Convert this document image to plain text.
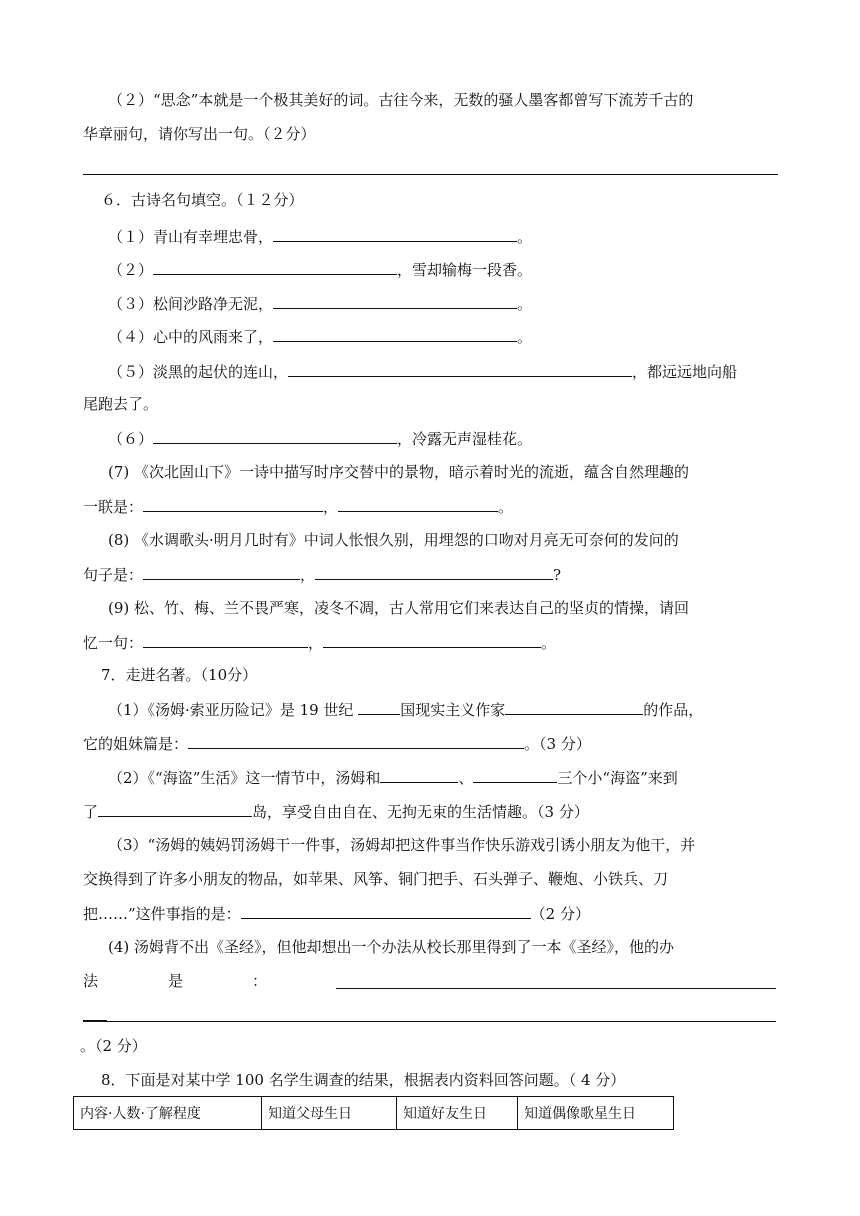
（２）“思念”本就是一个极其美好的词。古往今来，无数的骚人墨客都曾写下流芳千古的
华章丽句，请你写出一句。（２分）
６．古诗名句填空。（１２分）
（１）青山有幸埋忠骨，	。
（２）	，雪却输梅一段香。
（３）松间沙路净无泥，	。
（４）心中的风雨来了，	。
（５）淡黑的起伏的连山，	，都远远地向船
尾跑去了。
（６）	，冷露无声湿桂花。
(7) 《次北固山下》一诗中描写时序交替中的景物，暗示着时光的流逝，蕴含自然理趣的
一联是：	，	。
(8) 《水调歌头·明月几时有》中词人怅恨久别，用埋怨的口吻对月亮无可奈何的发问的
句子是：	，	?
(9) 松、竹、梅、兰不畏严寒，凌冬不凋，古人常用它们来表达自己的坚贞的情操，请回
忆一句：	，	。
7．走进名著。（10分）
（1）《汤姆·索亚历险记》是 19 世纪	国现实主义作家	的作品，
它的姐妹篇是：	。（3 分）
（2）《“海盗”生活》这一情节中，汤姆和	、	三个小“海盗”来到
了	岛，享受自由自在、无拘无束的生活情趣。（3 分）
（3）“汤姆的姨妈罚汤姆干一件事，汤姆却把这件事当作快乐游戏引诱小朋友为他干，并
交换得到了许多小朋友的物品，如苹果、风筝、铜门把手、石头弹子、鞭炮、小铁兵、刀
把……”这件事指的是：	（2 分）
(4) 汤姆背不出《圣经》，但他却想出一个办法从校长那里得到了一本《圣经》，他的办
法	是	：
。（2 分）
8．下面是对某中学 100 名学生调查的结果，根据表内资料回答问题。（ 4 分）
内容·人数·了解程度	知道父母生日	知道好友生日	知道偶像歌星生日
